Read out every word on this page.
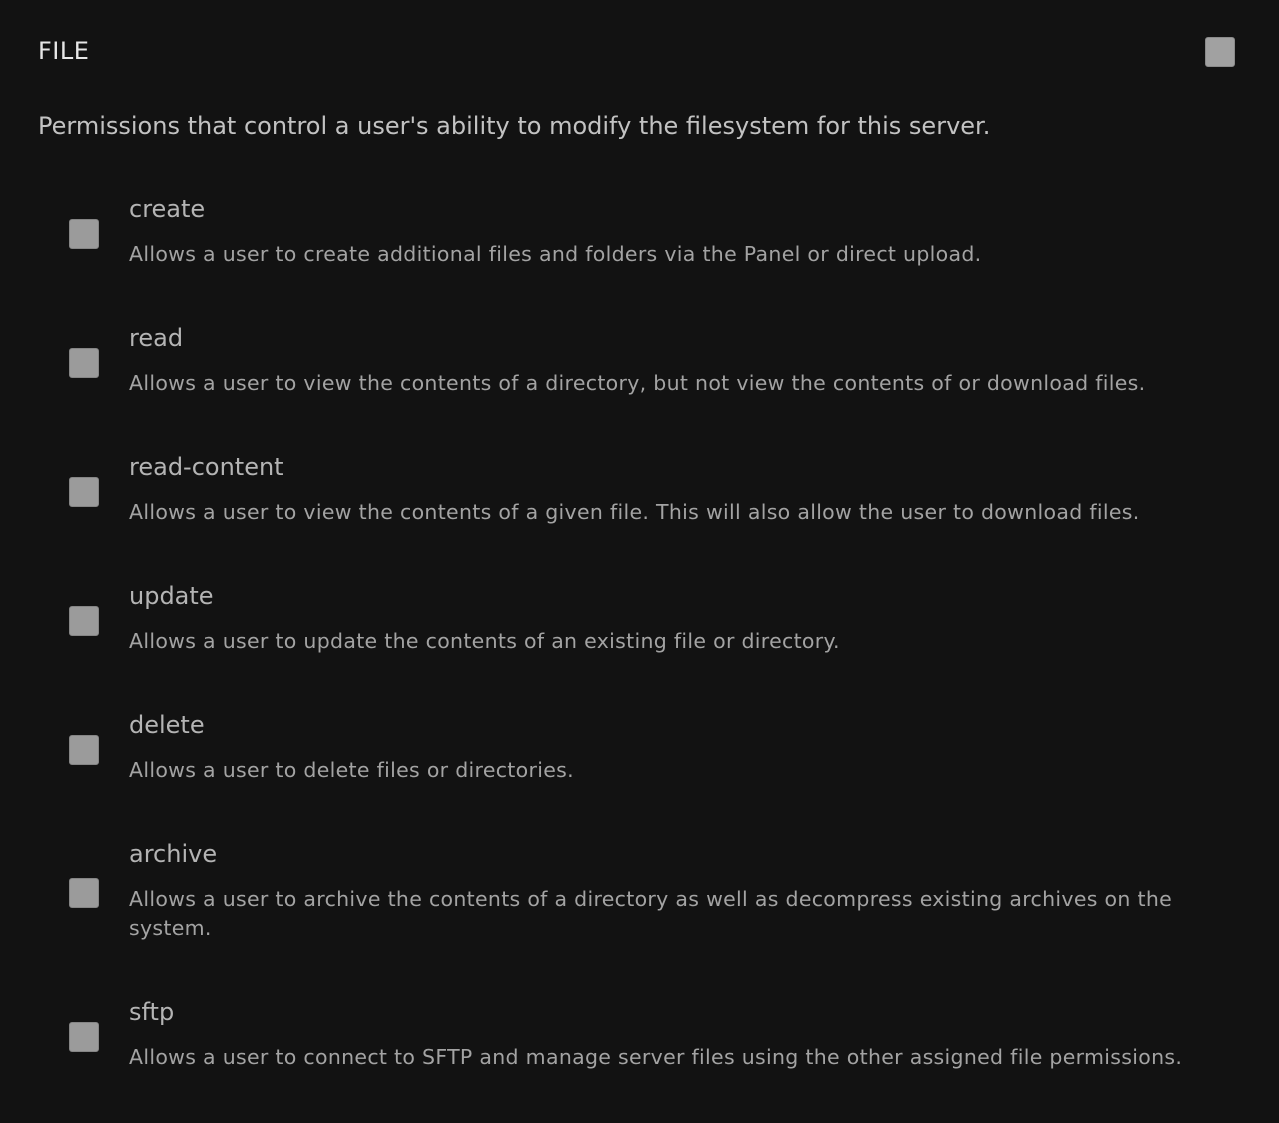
FILE
Permissions that control a user's ability to modify the filesystem for this server.
create
Allows a user to create additional files and folders via the Panel or direct upload.
read
Allows a user to view the contents of a directory, but not view the contents of or download files.
read-content
Allows a user to view the contents of a given file. This will also allow the user to download files.
update
Allows a user to update the contents of an existing file or directory.
delete
Allows a user to delete files or directories.
archive
Allows a user to archive the contents of a directory as well as decompress existing archives on the system.
sftp
Allows a user to connect to SFTP and manage server files using the other assigned file permissions.
